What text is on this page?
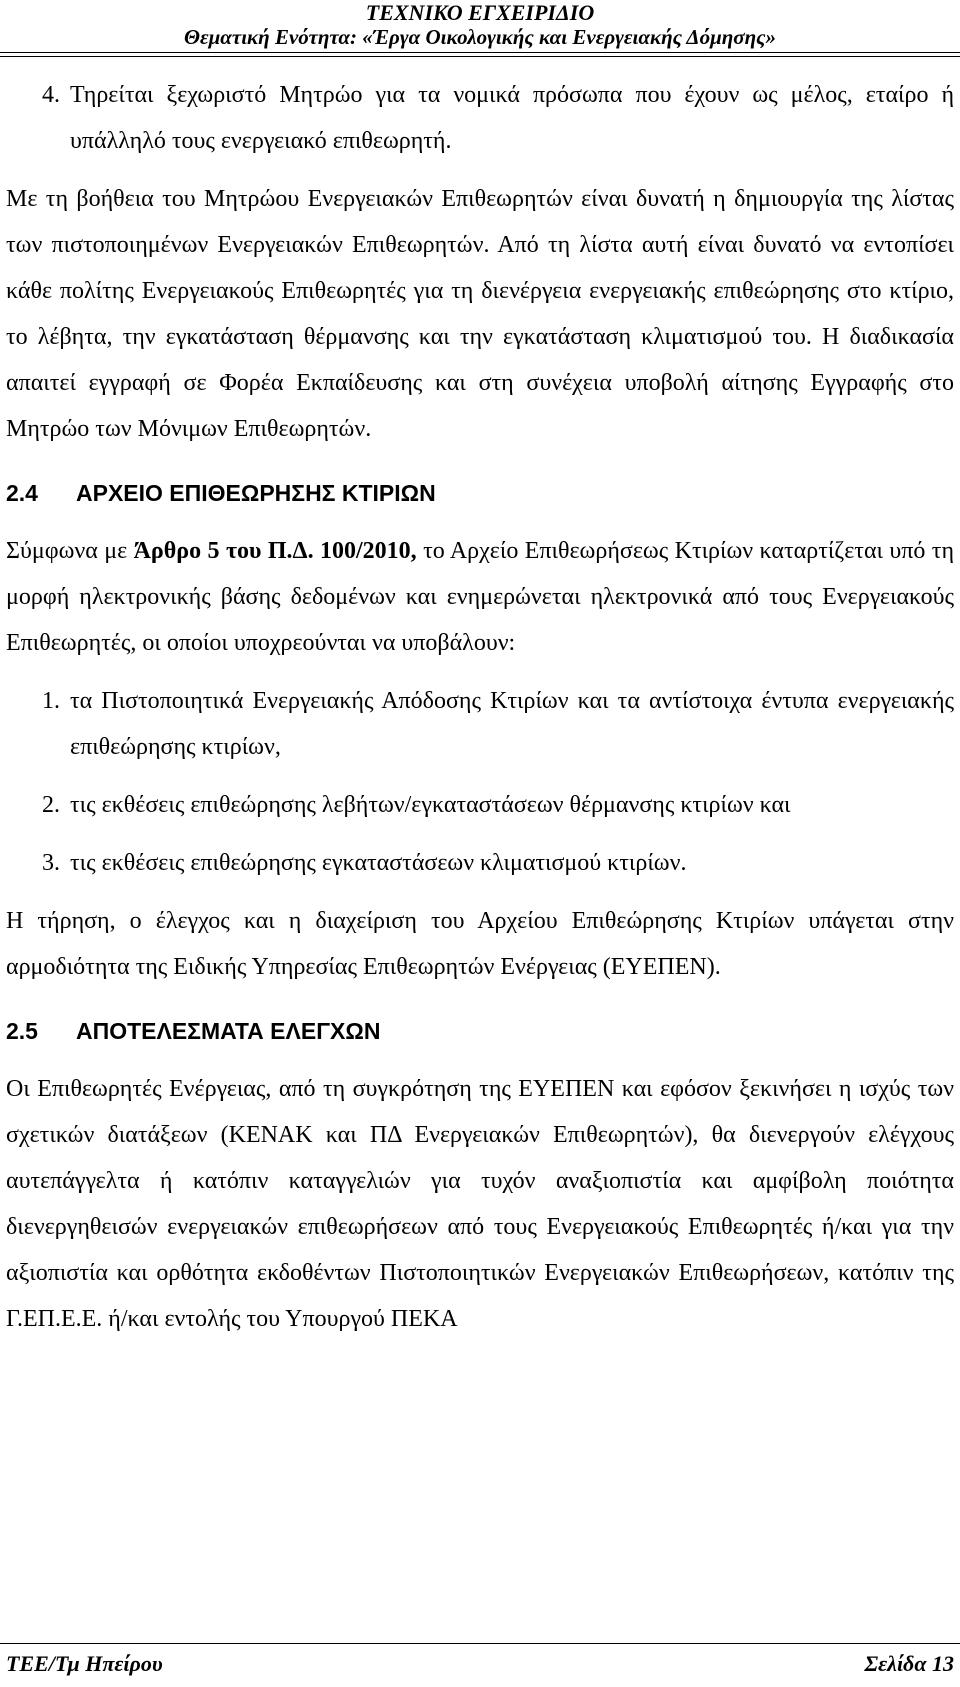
ΤΕΧΝΙΚΟ ΕΓΧΕΙΡΙΔΙΟ
Θεματική Ενότητα: «Έργα Οικολογικής και Ενεργειακής Δόμησης»
4. Τηρείται ξεχωριστό Μητρώο για τα νομικά πρόσωπα που έχουν ως μέλος, εταίρο ή υπάλληλό τους ενεργειακό επιθεωρητή.

Με τη βοήθεια του Μητρώου Ενεργειακών Επιθεωρητών είναι δυνατή η δημιουργία της λίστας των πιστοποιημένων Ενεργειακών Επιθεωρητών. Από τη λίστα αυτή είναι δυνατό να εντοπίσει κάθε πολίτης Ενεργειακούς Επιθεωρητές για τη διενέργεια ενεργειακής επιθεώρησης στο κτίριο, το λέβητα, την εγκατάσταση θέρμανσης και την εγκατάσταση κλιματισμού του. Η διαδικασία απαιτεί εγγραφή σε Φορέα Εκπαίδευσης και στη συνέχεια υποβολή αίτησης Εγγραφής στο Μητρώο των Μόνιμων Επιθεωρητών.

2.4 ΑΡΧΕΙΟ ΕΠΙΘΕΩΡΗΣΗΣ ΚΤΙΡΙΩΝ

Σύμφωνα με Άρθρο 5 του Π.Δ. 100/2010, το Αρχείο Επιθεωρήσεως Κτιρίων καταρτίζεται υπό τη μορφή ηλεκτρονικής βάσης δεδομένων και ενημερώνεται ηλεκτρονικά από τους Ενεργειακούς Επιθεωρητές, οι οποίοι υποχρεούνται να υποβάλουν:

1. τα Πιστοποιητικά Ενεργειακής Απόδοσης Κτιρίων και τα αντίστοιχα έντυπα ενεργειακής επιθεώρησης κτιρίων,
2. τις εκθέσεις επιθεώρησης λεβήτων/εγκαταστάσεων θέρμανσης κτιρίων και
3. τις εκθέσεις επιθεώρησης εγκαταστάσεων κλιματισμού κτιρίων.

Η τήρηση, ο έλεγχος και η διαχείριση του Αρχείου Επιθεώρησης Κτιρίων υπάγεται στην αρμοδιότητα της Ειδικής Υπηρεσίας Επιθεωρητών Ενέργειας (ΕΥΕΠΕΝ).

2.5 ΑΠΟΤΕΛΕΣΜΑΤΑ ΕΛΕΓΧΩΝ

Οι Επιθεωρητές Ενέργειας, από τη συγκρότηση της ΕΥΕΠΕΝ και εφόσον ξεκινήσει η ισχύς των σχετικών διατάξεων (ΚΕΝΑΚ και ΠΔ Ενεργειακών Επιθεωρητών), θα διενεργούν ελέγχους αυτεπάγγελτα ή κατόπιν καταγγελιών για τυχόν αναξιοπιστία και αμφίβολη ποιότητα διενεργηθεισών ενεργειακών επιθεωρήσεων από τους Ενεργειακούς Επιθεωρητές ή/και για την αξιοπιστία και ορθότητα εκδοθέντων Πιστοποιητικών Ενεργειακών Επιθεωρήσεων, κατόπιν της Γ.ΕΠ.Ε.Ε. ή/και εντολής του Υπουργού ΠΕΚΑ

ΤΕΕ/Τμ Ηπείρου	Σελίδα 13
